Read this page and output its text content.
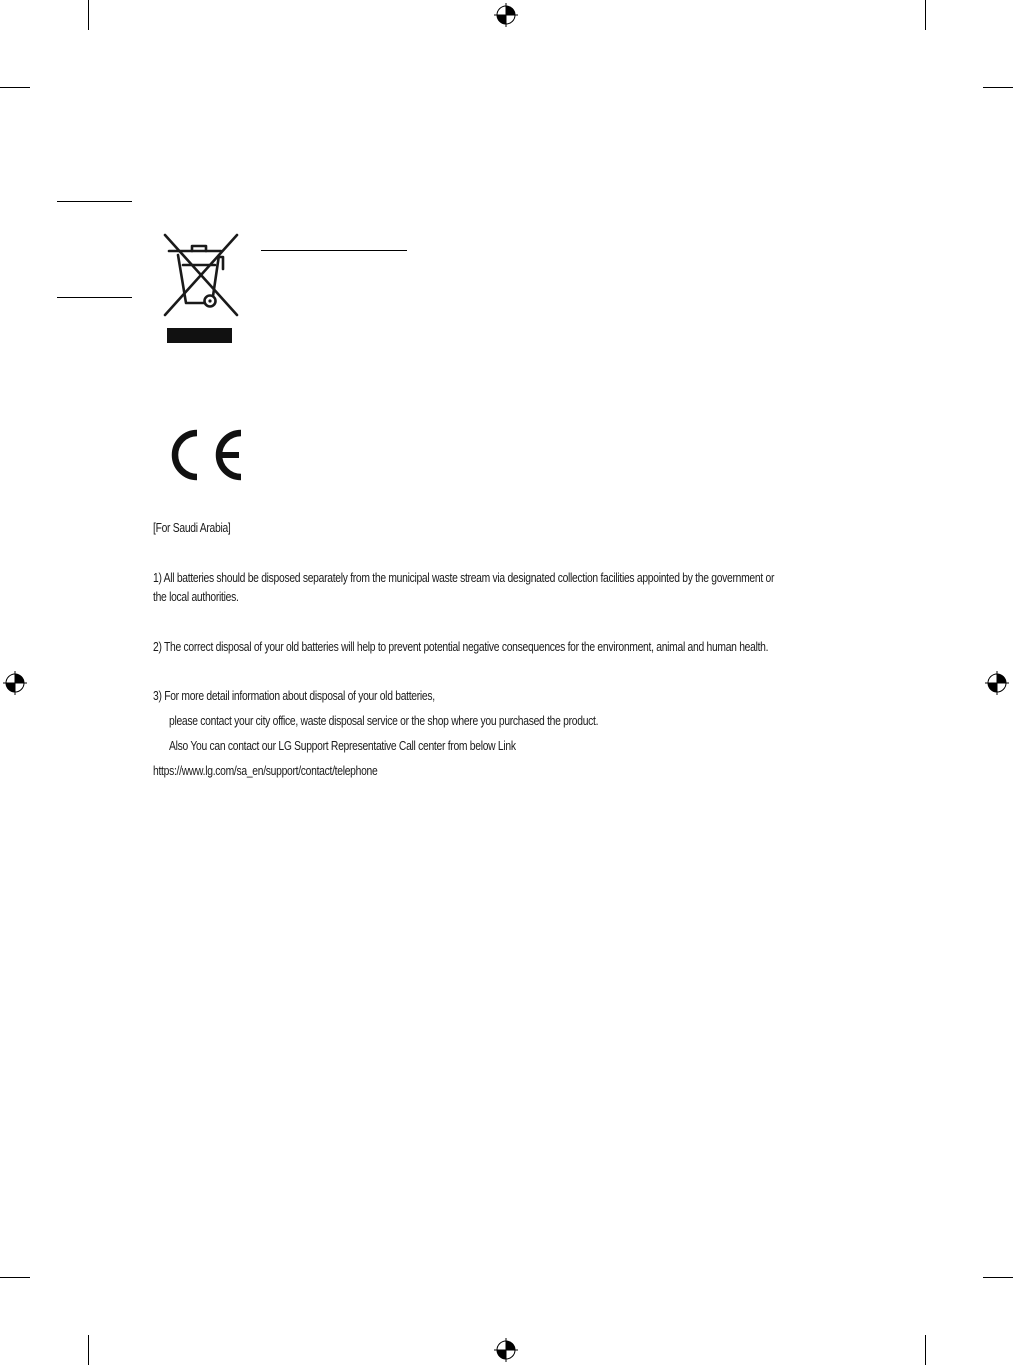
[For Saudi Arabia]
1) All batteries should be disposed separately from the municipal waste stream via designated collection facilities appointed by the government or
the local authorities.
2) The correct disposal of your old batteries will help to prevent potential negative consequences for the environment, animal and human health.
3) For more detail information about disposal of your old batteries,
please contact your city office, waste disposal service or the shop where you purchased the product.
Also You can contact our LG Support Representative Call center from below Link
https://www.lg.com/sa_en/support/contact/telephone
